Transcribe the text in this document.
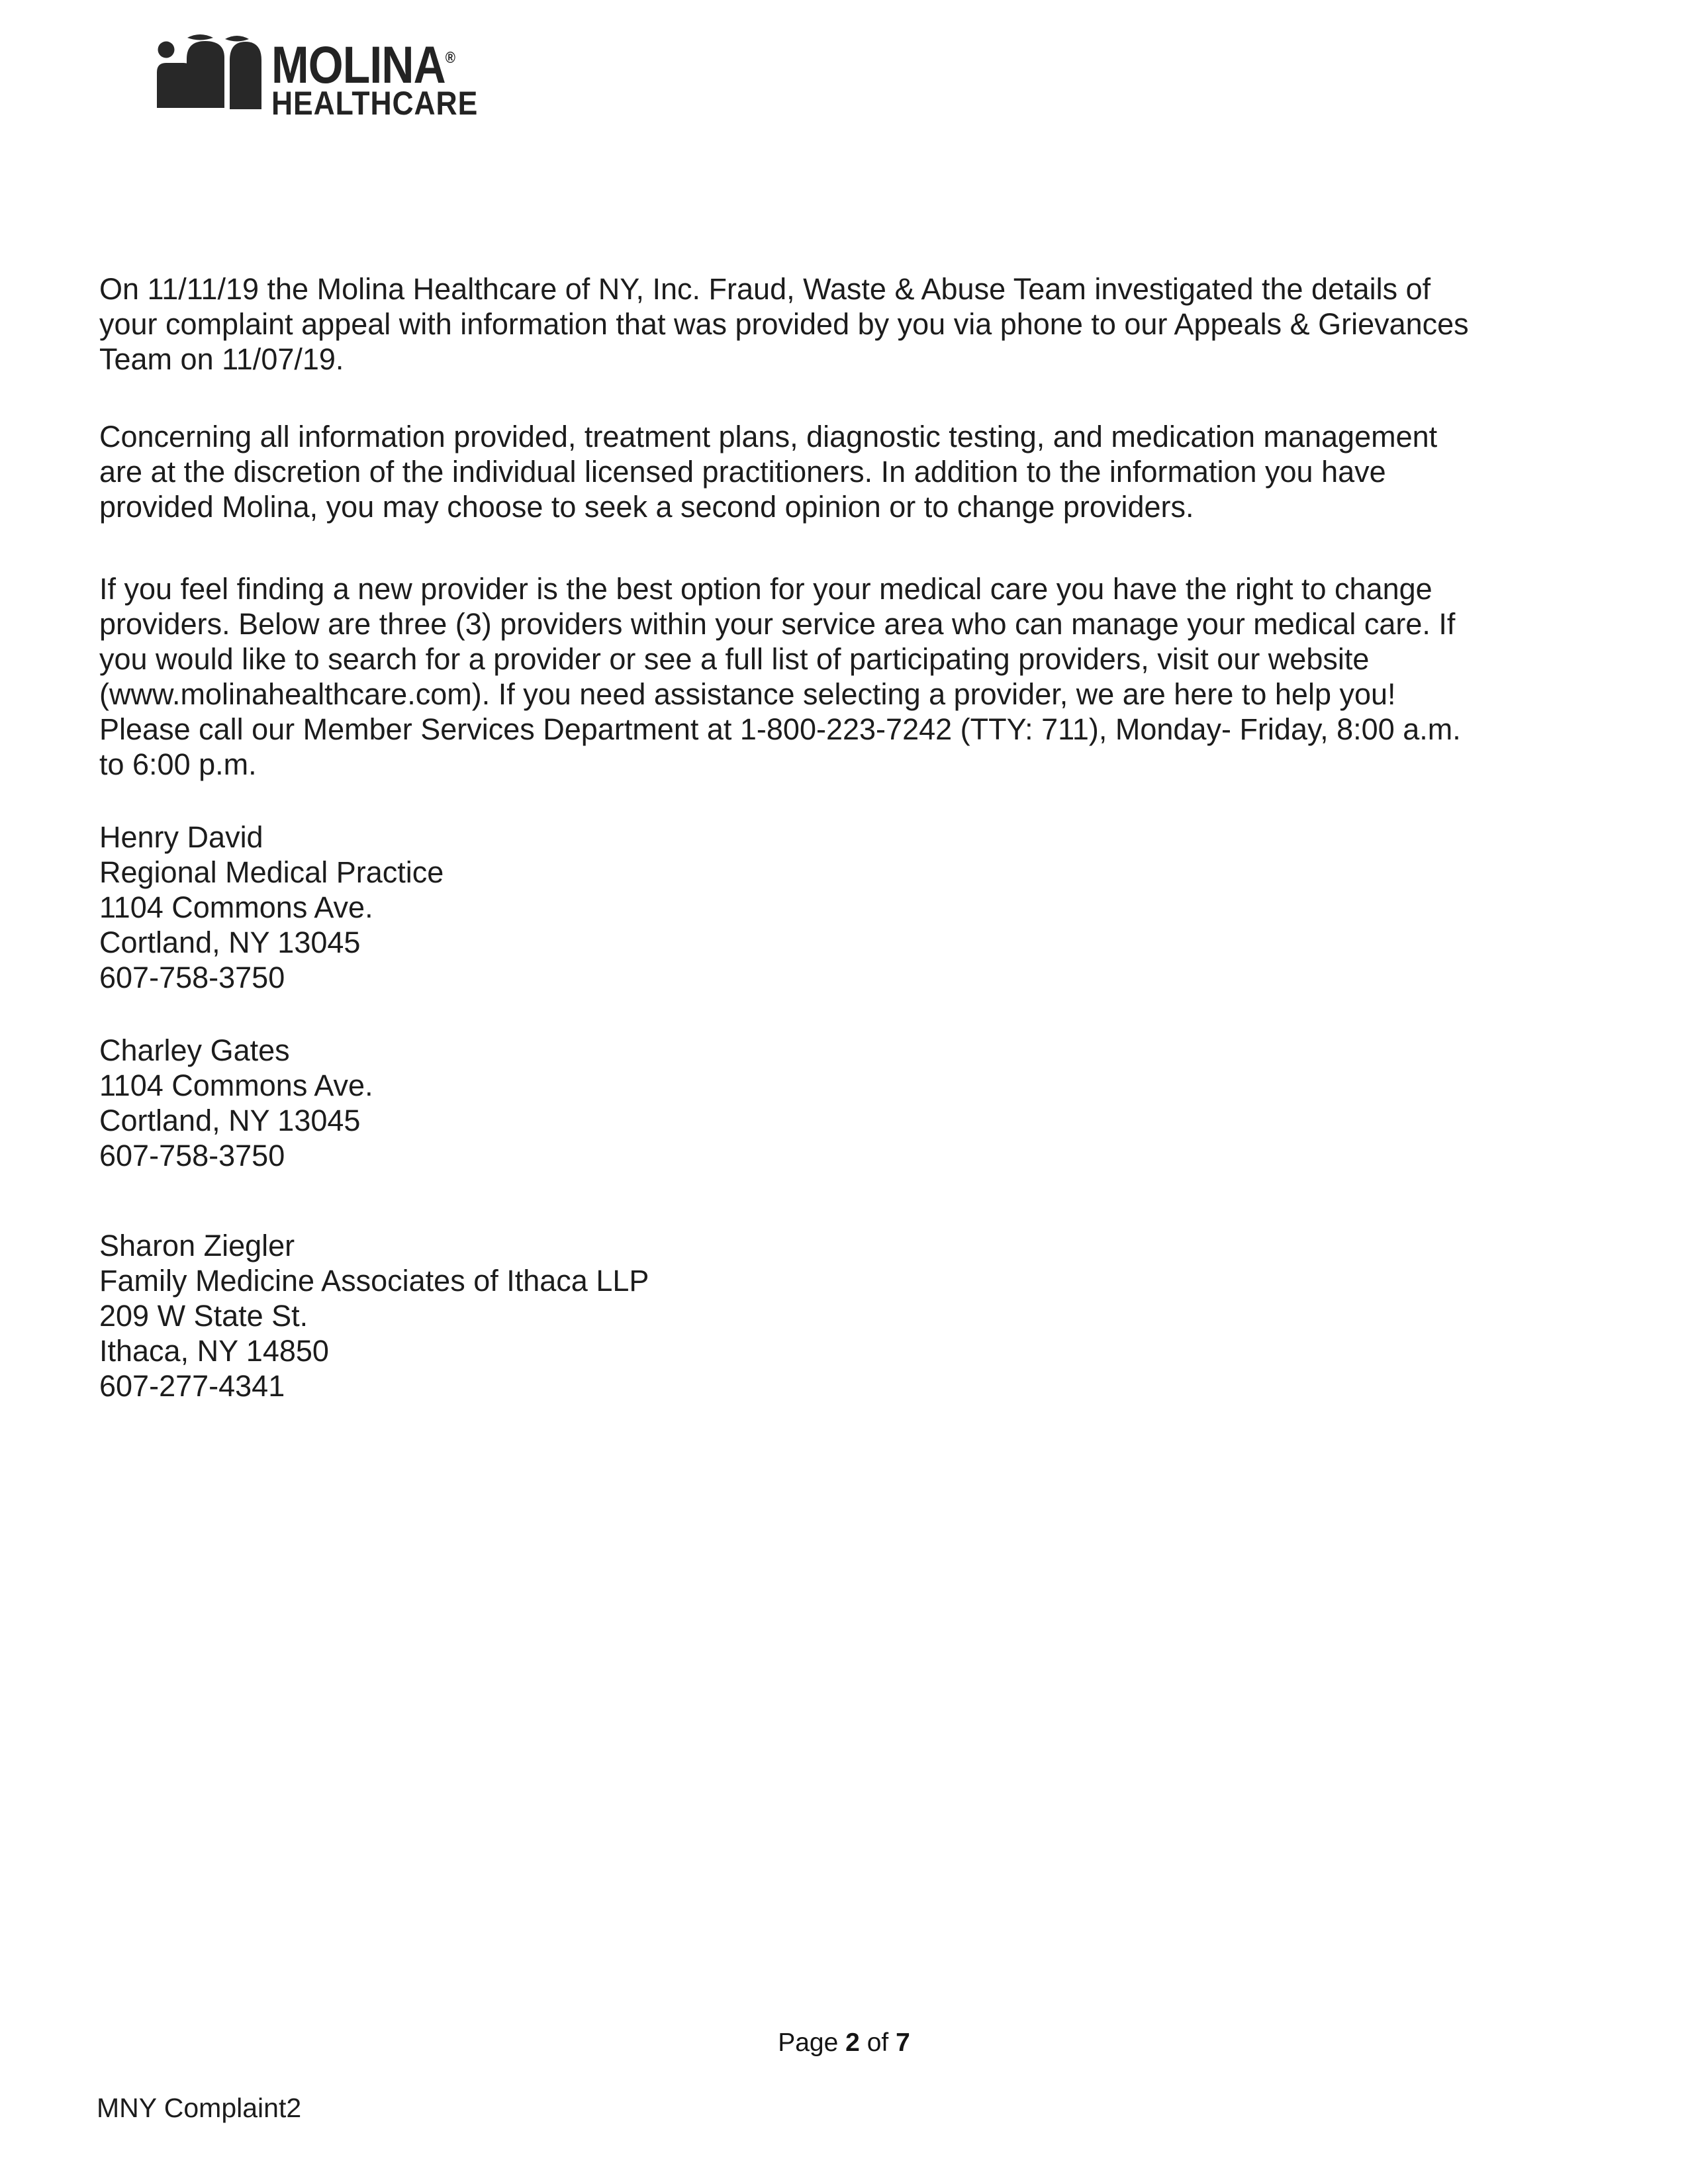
MOLINA®
HEALTHCARE
On 11/11/19 the Molina Healthcare of NY, Inc. Fraud, Waste & Abuse Team investigated the details of
your complaint appeal with information that was provided by you via phone to our Appeals & Grievances
Team on 11/07/19.
Concerning all information provided, treatment plans, diagnostic testing, and medication management
are at the discretion of the individual licensed practitioners. In addition to the information you have
provided Molina, you may choose to seek a second opinion or to change providers.
If you feel finding a new provider is the best option for your medical care you have the right to change
providers. Below are three (3) providers within your service area who can manage your medical care. If
you would like to search for a provider or see a full list of participating providers, visit our website
(www.molinahealthcare.com). If you need assistance selecting a provider, we are here to help you!
Please call our Member Services Department at 1-800-223-7242 (TTY: 711), Monday- Friday, 8:00 a.m.
to 6:00 p.m.
Henry David
Regional Medical Practice
1104 Commons Ave.
Cortland, NY 13045
607-758-3750
Charley Gates
1104 Commons Ave.
Cortland, NY 13045
607-758-3750
Sharon Ziegler
Family Medicine Associates of Ithaca LLP
209 W State St.
Ithaca, NY 14850
607-277-4341
Page 2 of 7
MNY Complaint2
